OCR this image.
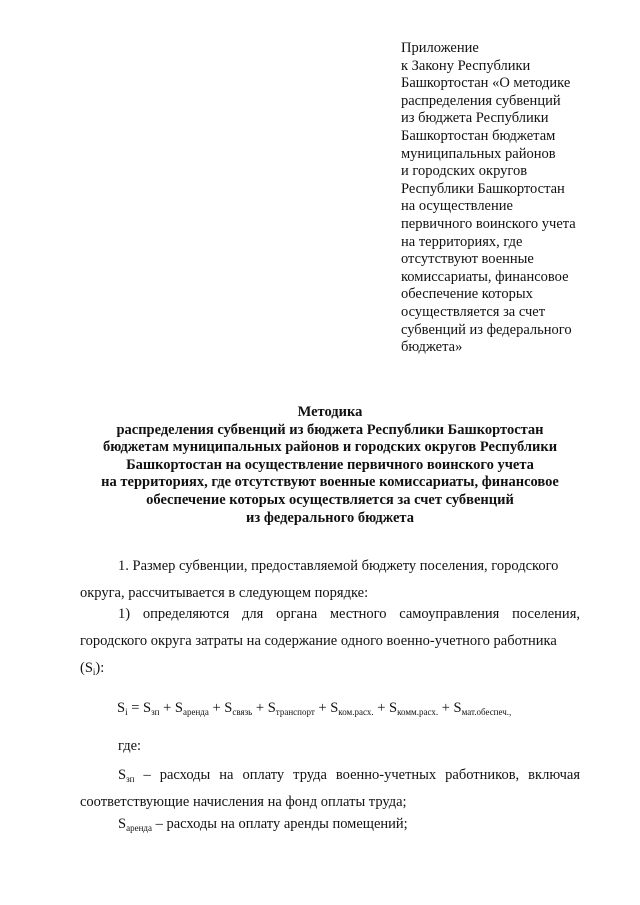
Приложение
к Закону Республики
Башкортостан «О методике
распределения субвенций
из бюджета Республики
Башкортостан бюджетам
муниципальных районов
и городских округов
Республики Башкортостан
на осуществление
первичного воинского учета
на территориях, где
отсутствуют военные
комиссариаты, финансовое
обеспечение которых
осуществляется за счет
субвенций из федерального
бюджета»
Методика
распределения субвенций из бюджета Республики Башкортостан
бюджетам муниципальных районов и городских округов Республики
Башкортостан на осуществление первичного воинского учета
на территориях, где отсутствуют военные комиссариаты, финансовое
обеспечение которых осуществляется за счет субвенций
из федерального бюджета
1. Размер субвенции, предоставляемой бюджету поселения, городского
округа, рассчитывается в следующем порядке:
1) определяются для органа местного самоуправления поселения,
городского округа затраты на содержание одного военно-учетного работника
$(S_i)$:
$S_i = S_{зп} + S_{аренда} + S_{связь} + S_{транспорт} + S_{ком.расх.} + S_{комм.расх.} + S_{мат.обеспеч.,}$
где:
$S_{зп}$ – расходы на оплату труда военно-учетных работников, включая
соответствующие начисления на фонд оплаты труда;
$S_{аренда}$ – расходы на оплату аренды помещений;
